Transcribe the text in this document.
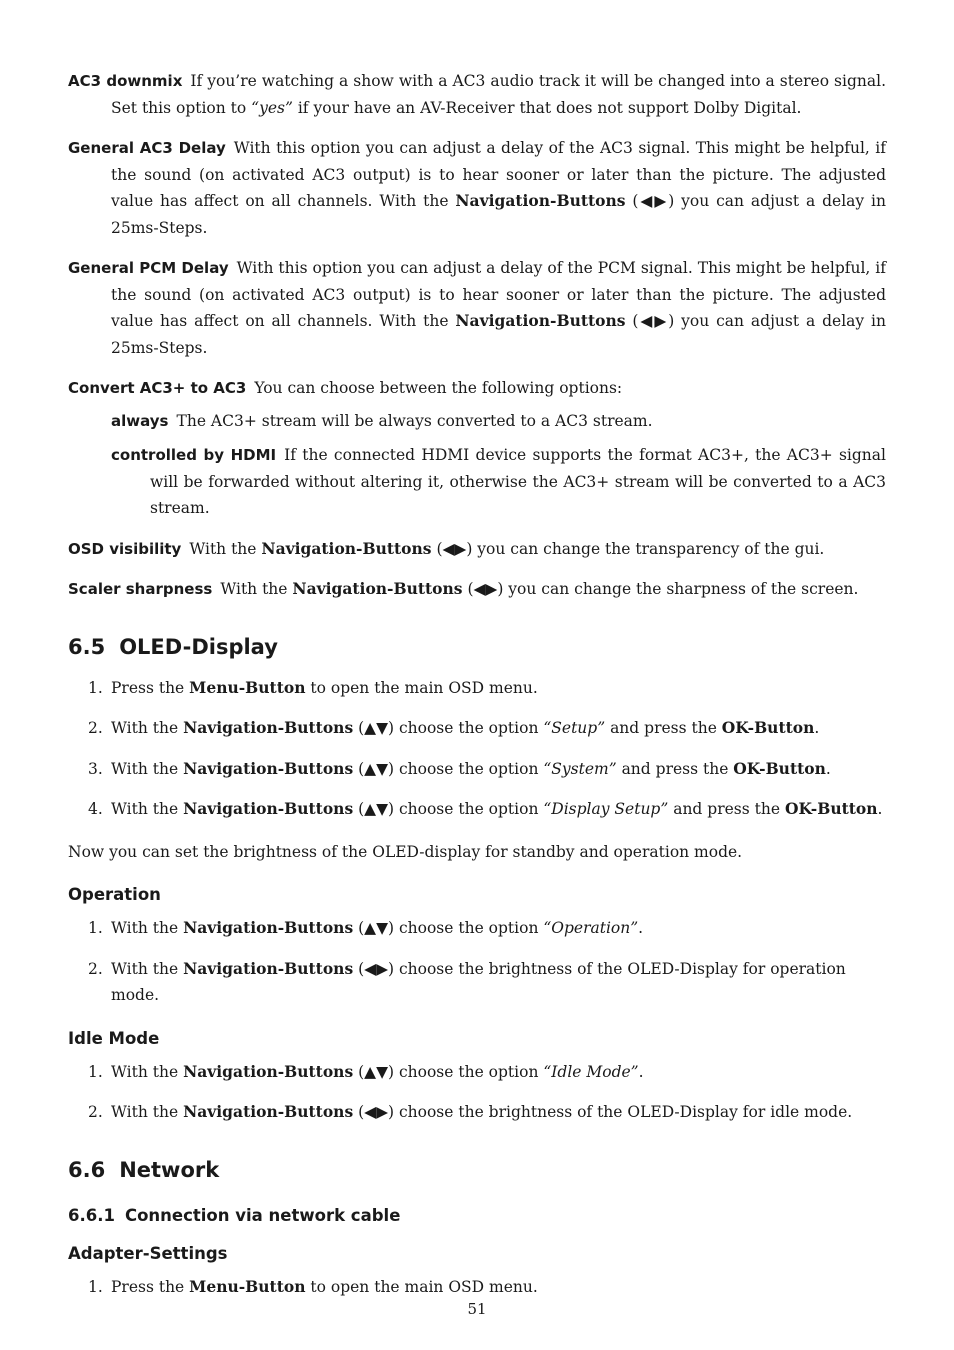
AC3 downmix If you’re watching a show with a AC3 audio track it will be changed into a stereo signal. Set this option to “yes” if your have an AV-Receiver that does not support Dolby Digital.

General AC3 Delay With this option you can adjust a delay of the AC3 signal. This might be helpful, if the sound (on activated AC3 output) is to hear sooner or later than the picture. The adjusted value has affect on all channels. With the Navigation-Buttons (◀▶) you can adjust a delay in 25ms-Steps.

General PCM Delay With this option you can adjust a delay of the PCM signal. This might be helpful, if the sound (on activated AC3 output) is to hear sooner or later than the picture. The adjusted value has affect on all channels. With the Navigation-Buttons (◀▶) you can adjust a delay in 25ms-Steps.

Convert AC3+ to AC3 You can choose between the following options:

always The AC3+ stream will be always converted to a AC3 stream.

controlled by HDMI If the connected HDMI device supports the format AC3+, the AC3+ signal will be forwarded without altering it, otherwise the AC3+ stream will be converted to a AC3 stream.

OSD visibility With the Navigation-Buttons (◀▶) you can change the transparency of the gui.

Scaler sharpness With the Navigation-Buttons (◀▶) you can change the sharpness of the screen.

6.5 OLED-Display
1. Press the Menu-Button to open the main OSD menu.
2. With the Navigation-Buttons (▲▼) choose the option “Setup” and press the OK-Button.
3. With the Navigation-Buttons (▲▼) choose the option “System” and press the OK-Button.
4. With the Navigation-Buttons (▲▼) choose the option “Display Setup” and press the OK-Button.

Now you can set the brightness of the OLED-display for standby and operation mode.

Operation
1. With the Navigation-Buttons (▲▼) choose the option “Operation”.
2. With the Navigation-Buttons (◀▶) choose the brightness of the OLED-Display for operation mode.
Idle Mode
1. With the Navigation-Buttons (▲▼) choose the option “Idle Mode”.
2. With the Navigation-Buttons (◀▶) choose the brightness of the OLED-Display for idle mode.
6.6 Network
6.6.1 Connection via network cable
Adapter-Settings
1. Press the Menu-Button to open the main OSD menu.
51
